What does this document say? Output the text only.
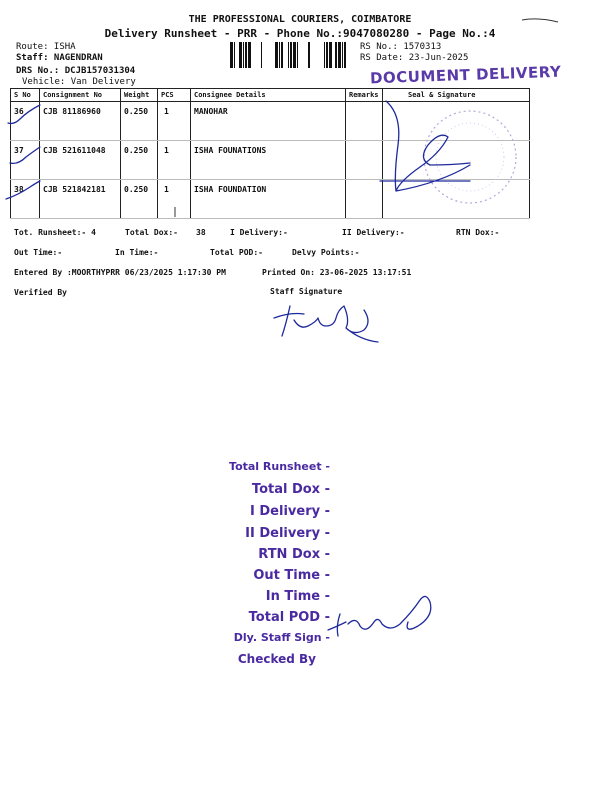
THE PROFESSIONAL COURIERS, COIMBATORE
Delivery Runsheet - PRR - Phone No.:9047080280 - Page No.:4
Route: ISHA
Staff: NAGENDRAN
DRS No.: DCJB157031304
Vehicle: Van Delivery
RS No.: 1570313
RS Date: 23-Jun-2025
DOCUMENT DELIVERY
S No	Consignment No	Weight	PCS	Consignee Details	Remarks	Seal & Signature
36	CJB 81186960	0.250	1	MANOHAR		
37	CJB 521611048	0.250	1	ISHA FOUNATIONS		
38	CJB 521842181	0.250	1	ISHA FOUNDATION		
Tot. Runsheet:- 4	Total Dox:- 38	I Delivery:-	II Delivery:-	RTN Dox:-
Out Time:-	In Time:-	Total POD:-	Delvy Points:-
Entered By :MOORTHYPRR 06/23/2025 1:17:30 PM	Printed On: 23-06-2025 13:17:51
Verified By	Staff Signature
Total Runsheet -
Total Dox -
I Delivery -
II Delivery -
RTN Dox -
Out Time -
In Time -
Total POD -
Dly. Staff Sign -
Checked By
